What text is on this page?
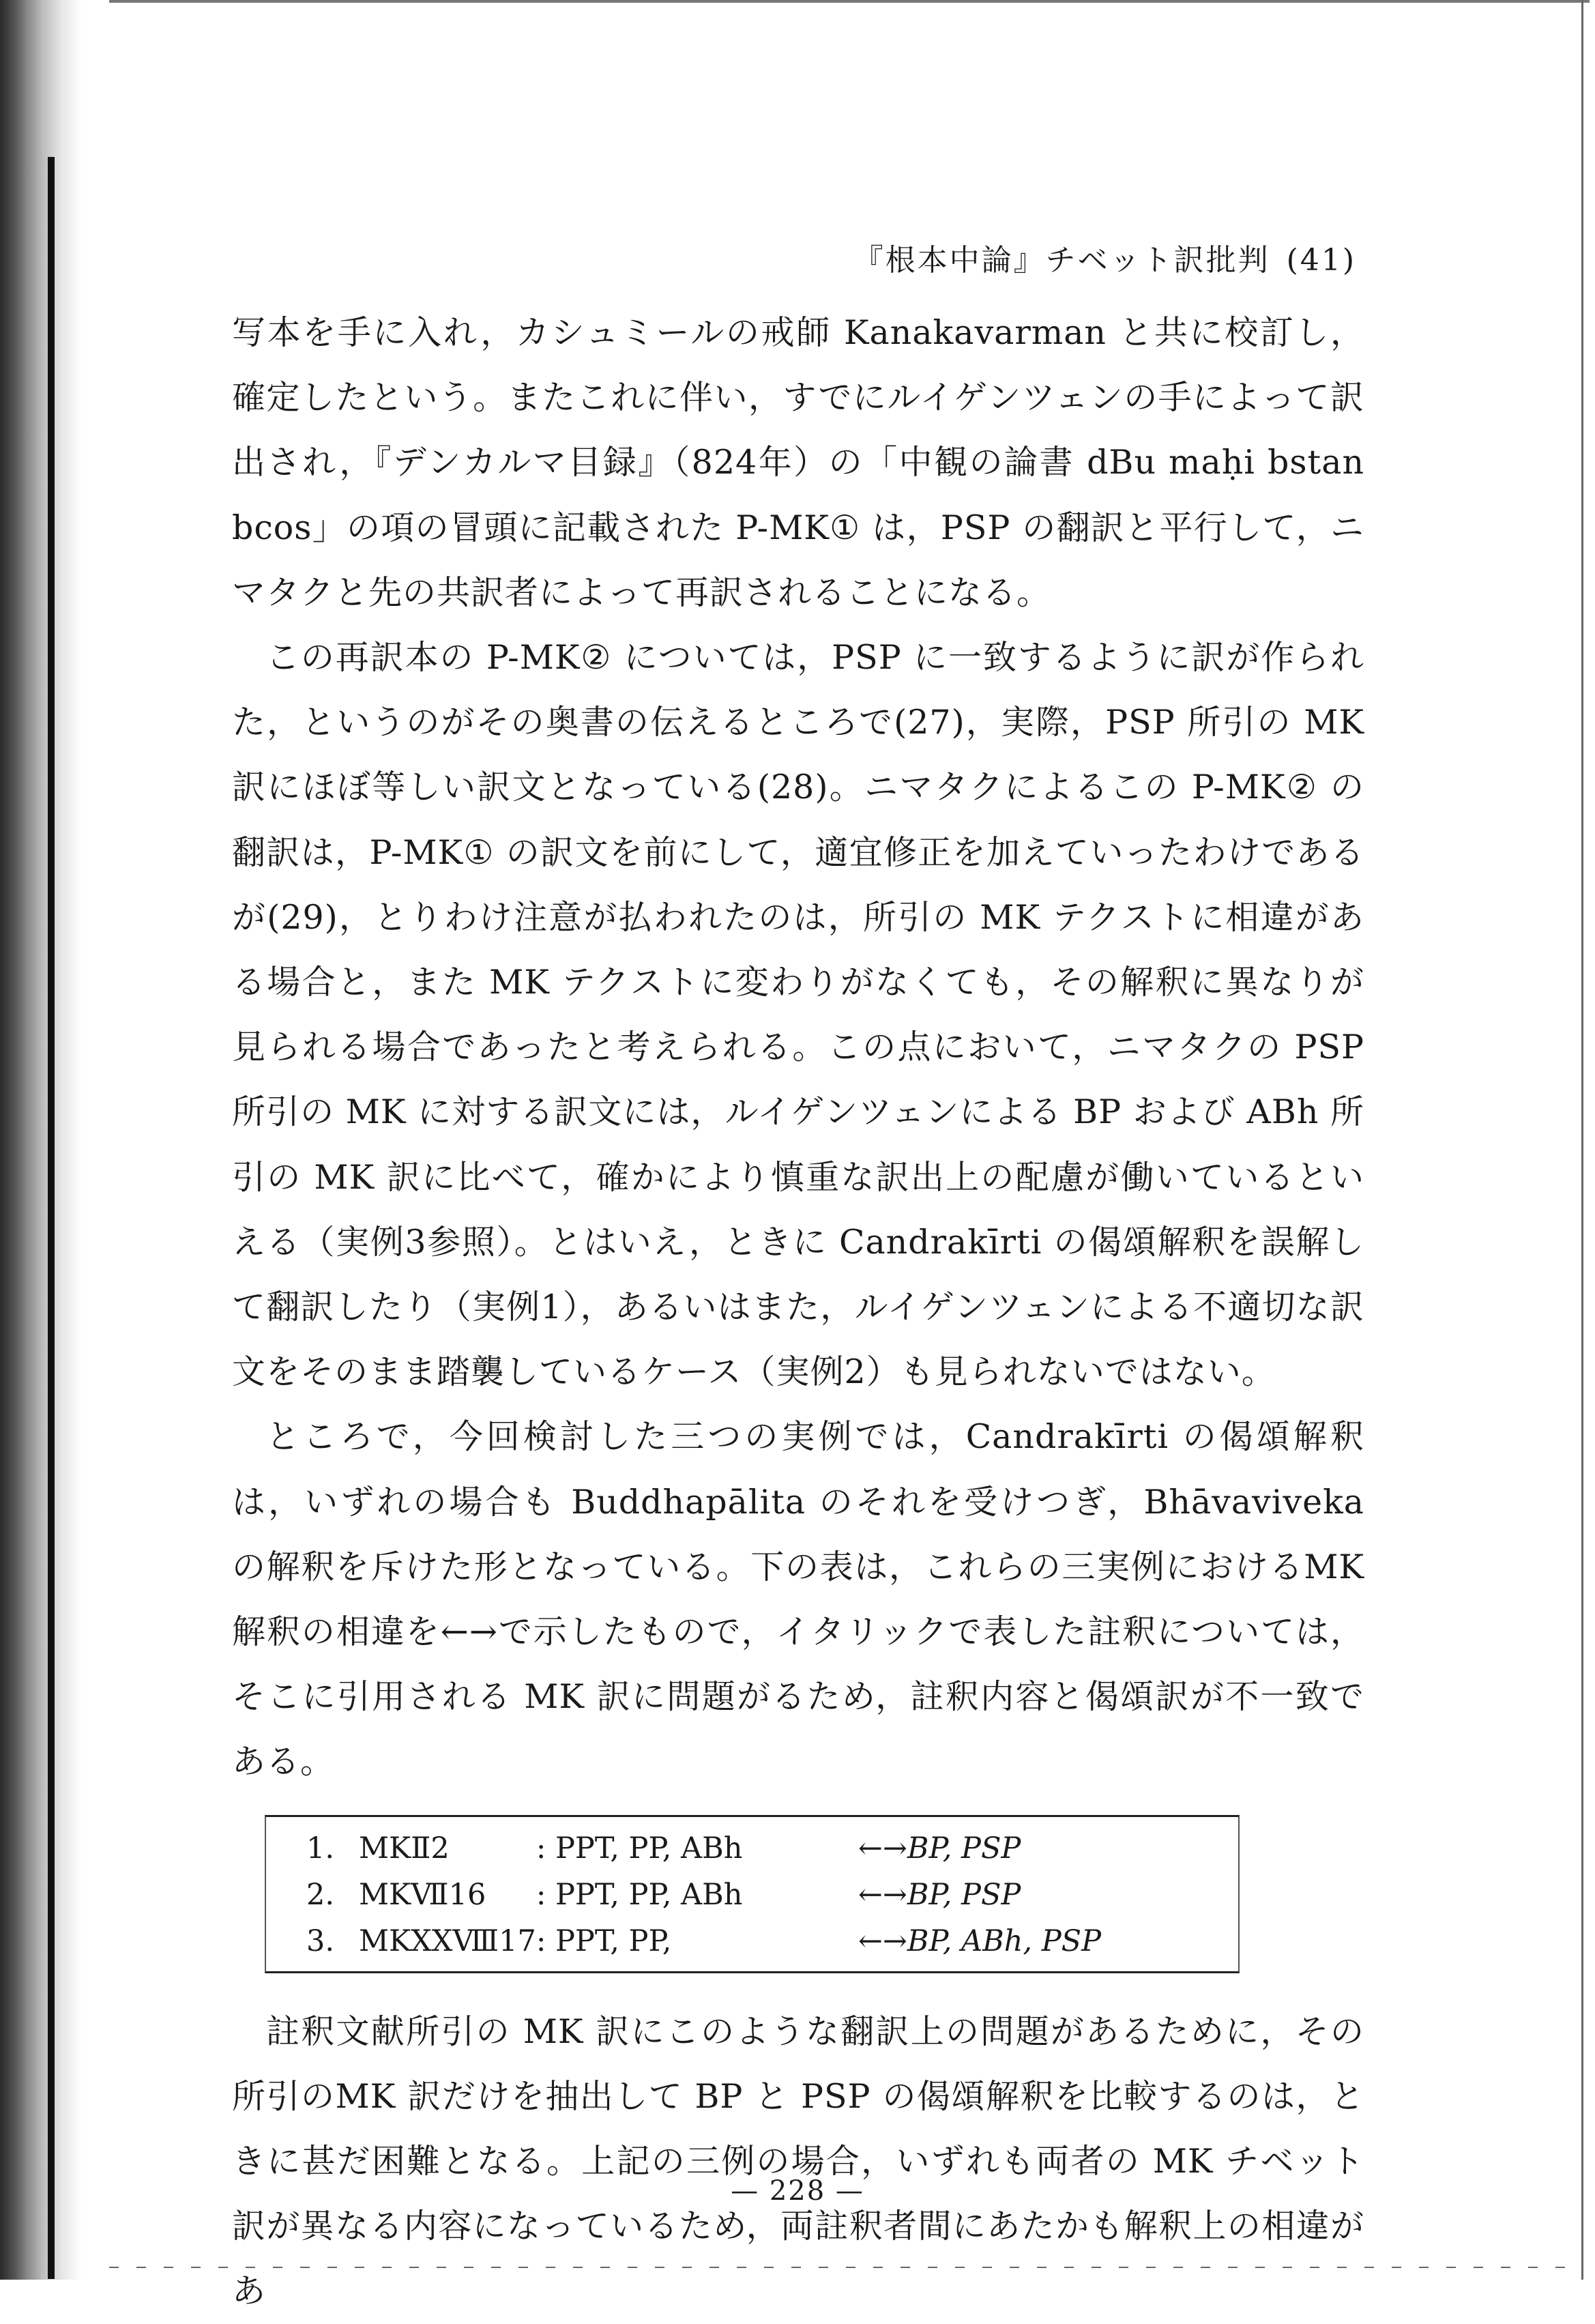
『根本中論』チベット訳批判 (41)

写本を手に入れ，カシュミールの戒師 Kanakavarman と共に校訂し，確定したという。またこれに伴い，すでにルイゲンツェンの手によって訳出され，『デンカルマ目録』（824年）の「中観の論書 dBu maḥi bstan bcos」の項の冒頭に記載された P-MK① は，PSP の翻訳と平行して，ニマタクと先の共訳者によって再訳されることになる。

この再訳本の P-MK② については，PSP に一致するように訳が作られた，というのがその奥書の伝えるところで(27)，実際，PSP 所引の MK 訳にほぼ等しい訳文となっている(28)。ニマタクによるこの P-MK② の翻訳は，P-MK① の訳文を前にして，適宜修正を加えていったわけであるが(29)，とりわけ注意が払われたのは，所引の MK テクストに相違がある場合と，また MK テクストに変わりがなくても，その解釈に異なりが見られる場合であったと考えられる。この点において，ニマタクの PSP 所引の MK に対する訳文には，ルイゲンツェンによる BP および ABh 所引の MK 訳に比べて，確かにより慎重な訳出上の配慮が働いているといえる（実例3参照）。とはいえ，ときに Candrakīrti の偈頌解釈を誤解して翻訳したり（実例1），あるいはまた，ルイゲンツェンによる不適切な訳文をそのまま踏襲しているケース（実例2）も見られないではない。

ところで，今回検討した三つの実例では，Candrakīrti の偈頌解釈は，いずれの場合も Buddhapālita のそれを受けつぎ，Bhāvaviveka の解釈を斥けた形となっている。下の表は，これらの三実例におけるMK解釈の相違を←→で示したもので，イタリックで表した註釈については，そこに引用される MK 訳に問題がるため，註釈内容と偈頌訳が不一致である。

1.	MKⅡ2	: PPT, PP, ABh	←→BP, PSP
2.	MKⅦ16	: PPT, PP, ABh	←→BP, PSP
3.	MKXXⅧ17	: PPT, PP,	←→BP, ABh, PSP

註釈文献所引の MK 訳にこのような翻訳上の問題があるために，その所引のMK 訳だけを抽出して BP と PSP の偈頌解釈を比較するのは，ときに甚だ困難となる。上記の三例の場合，いずれも両者の MK チベット訳が異なる内容になっているため，両註釈者間にあたかも解釈上の相違があ

— 228 —
